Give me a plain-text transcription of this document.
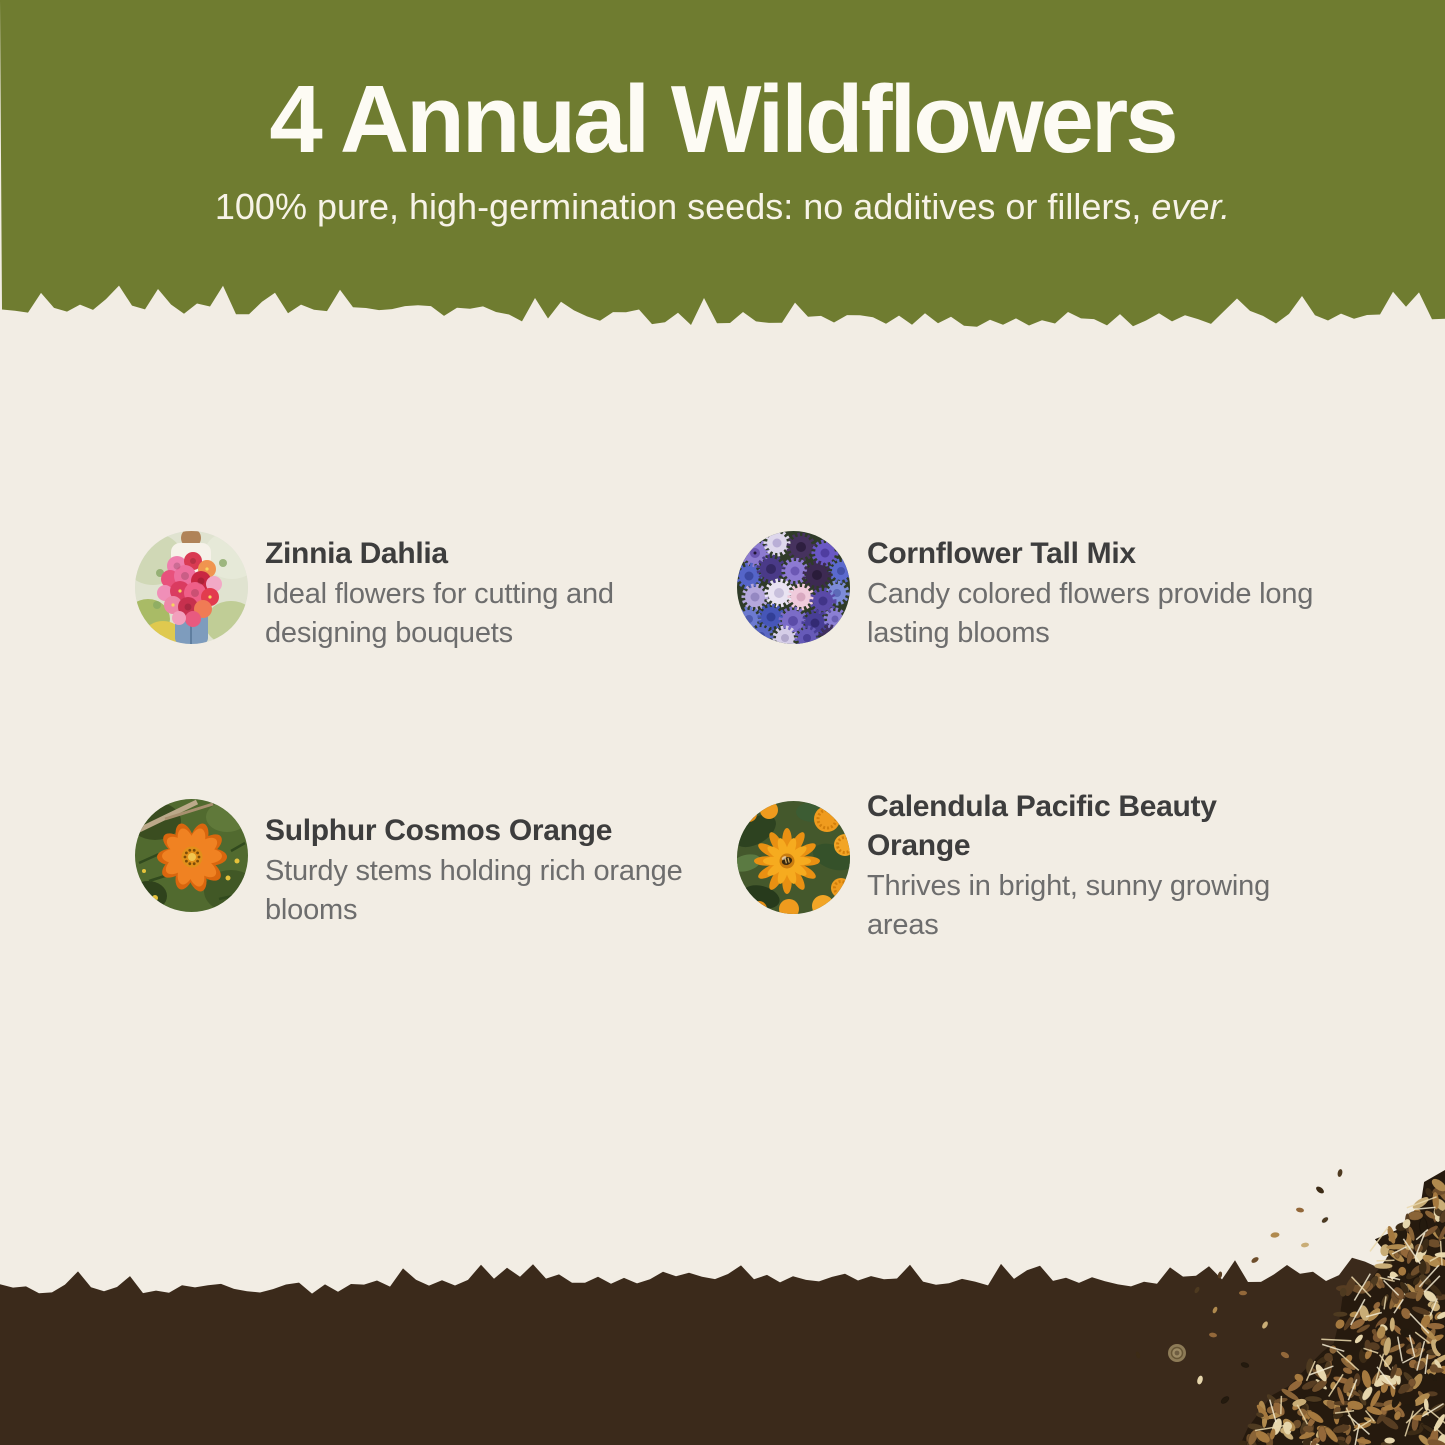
4 Annual Wildflowers

100% pure, high-germination seeds: no additives or fillers, ever.

Zinnia Dahlia

Ideal flowers for cutting and designing bouquets

Cornflower Tall Mix

Candy colored flowers provide long lasting blooms

Sulphur Cosmos Orange

Sturdy stems holding rich orange blooms

Calendula Pacific Beauty Orange

Thrives in bright, sunny growing areas
